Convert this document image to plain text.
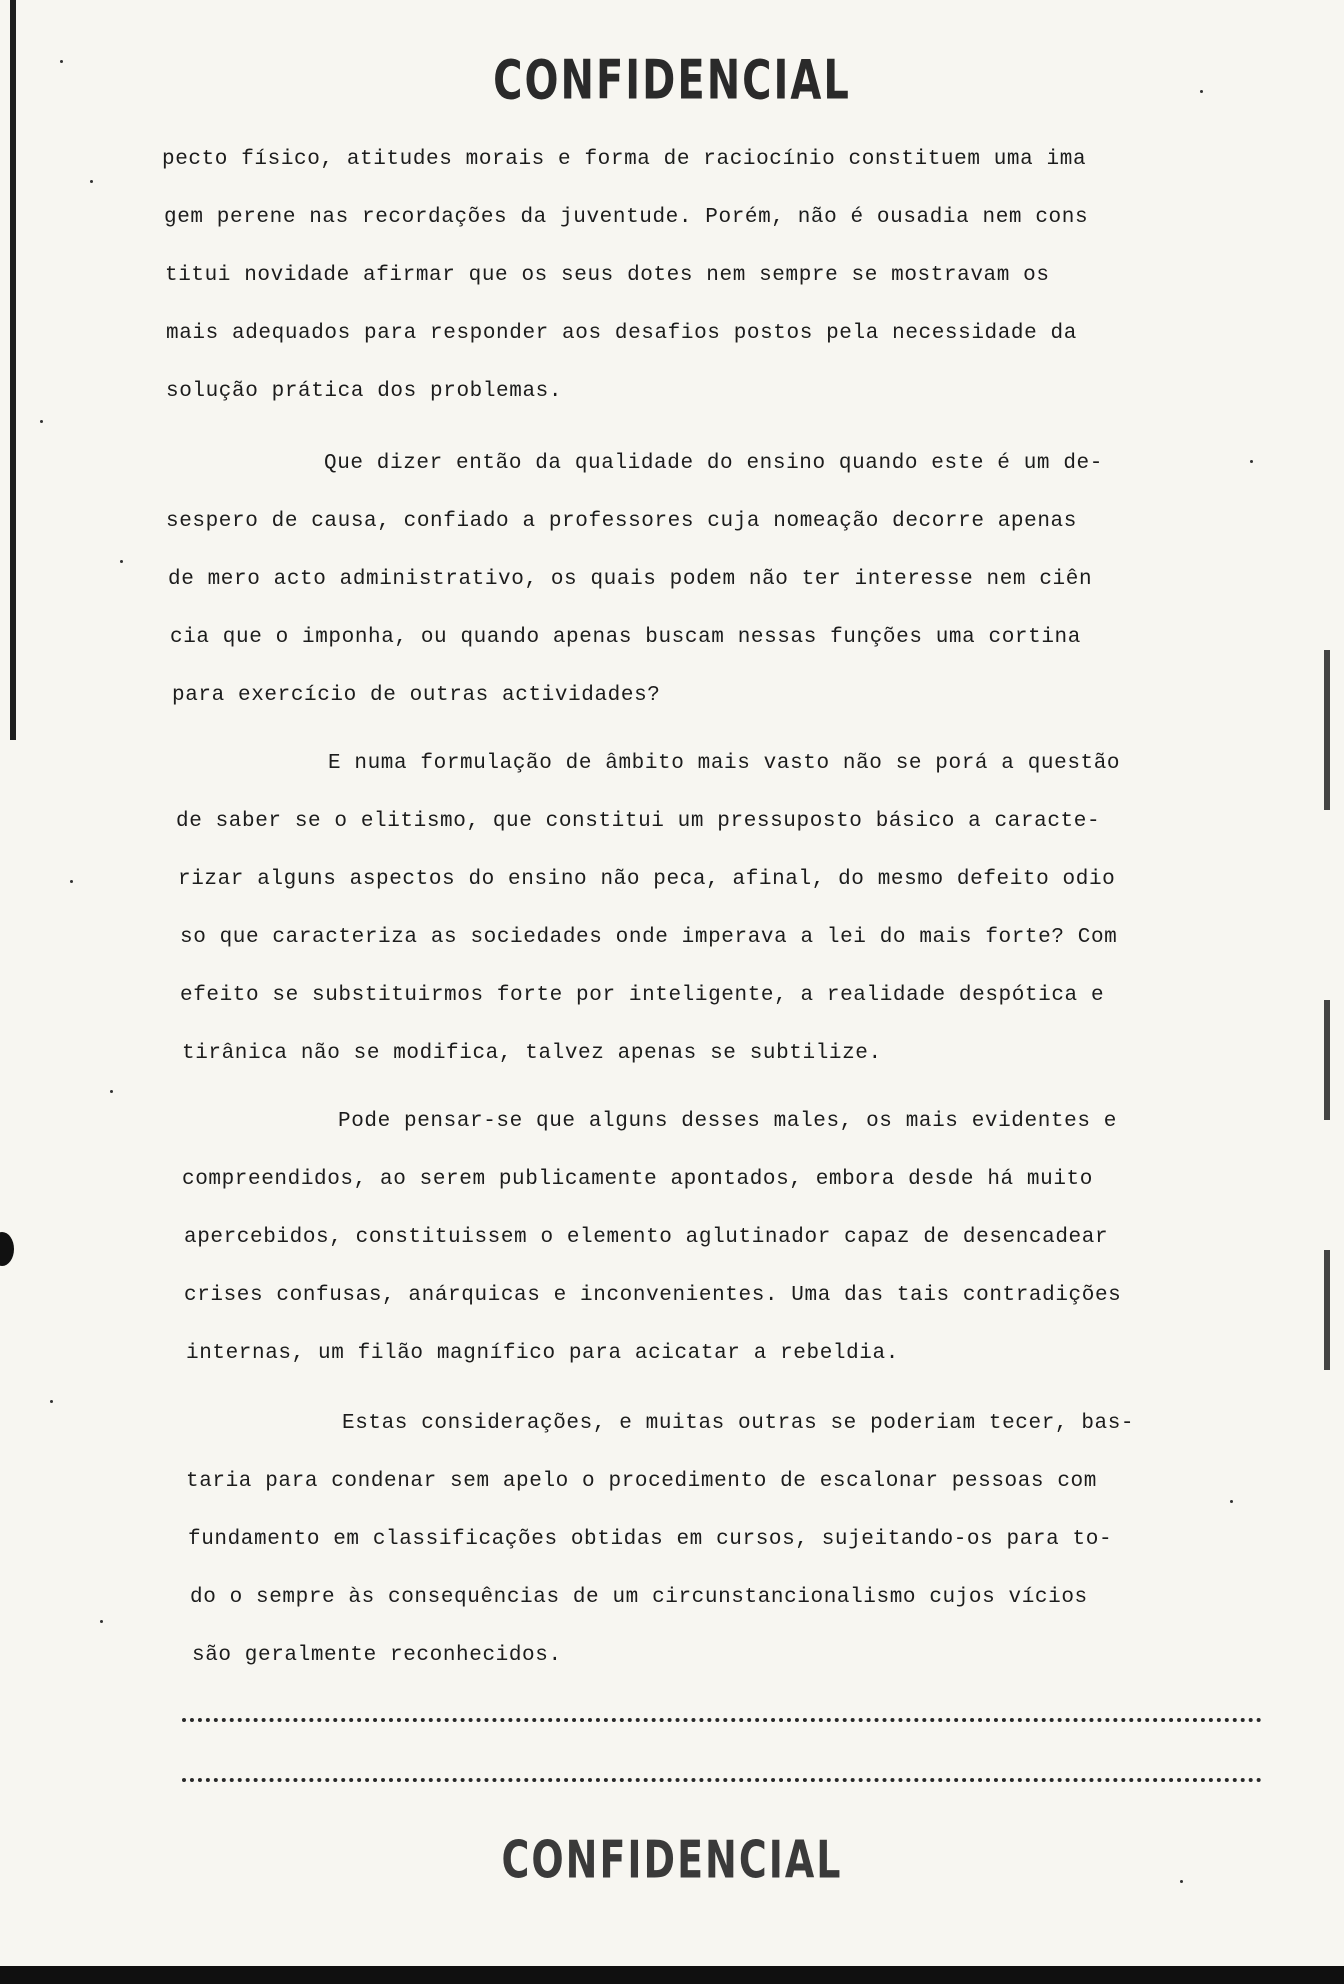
CONFIDENCIAL
pecto físico, atitudes morais e forma de raciocínio constituem uma ima
gem perene nas recordações da juventude. Porém, não é ousadia nem cons
titui novidade afirmar que os seus dotes nem sempre se mostravam os
mais adequados para responder aos desafios postos pela necessidade da
solução prática dos problemas.
Que dizer então da qualidade do ensino quando este é um de-
sespero de causa, confiado a professores cuja nomeação decorre apenas
de mero acto administrativo, os quais podem não ter interesse nem ciên
cia que o imponha, ou quando apenas buscam nessas funções uma cortina
para exercício de outras actividades?
E numa formulação de âmbito mais vasto não se porá a questão
de saber se o elitismo, que constitui um pressuposto básico a caracte-
rizar alguns aspectos do ensino não peca, afinal, do mesmo defeito odio
so que caracteriza as sociedades onde imperava a lei do mais forte? Com
efeito se substituirmos forte por inteligente, a realidade despótica e
tirânica não se modifica, talvez apenas se subtilize.
Pode pensar-se que alguns desses males, os mais evidentes e
compreendidos, ao serem publicamente apontados, embora desde há muito
apercebidos, constituissem o elemento aglutinador capaz de desencadear
crises confusas, anárquicas e inconvenientes. Uma das tais contradições
internas, um filão magnífico para acicatar a rebeldia.
Estas considerações, e muitas outras se poderiam tecer, bas-
taria para condenar sem apelo o procedimento de escalonar pessoas com
fundamento em classificações obtidas em cursos, sujeitando-os para to-
do o sempre às consequências de um circunstancionalismo cujos vícios
são geralmente reconhecidos.
CONFIDENCIAL
